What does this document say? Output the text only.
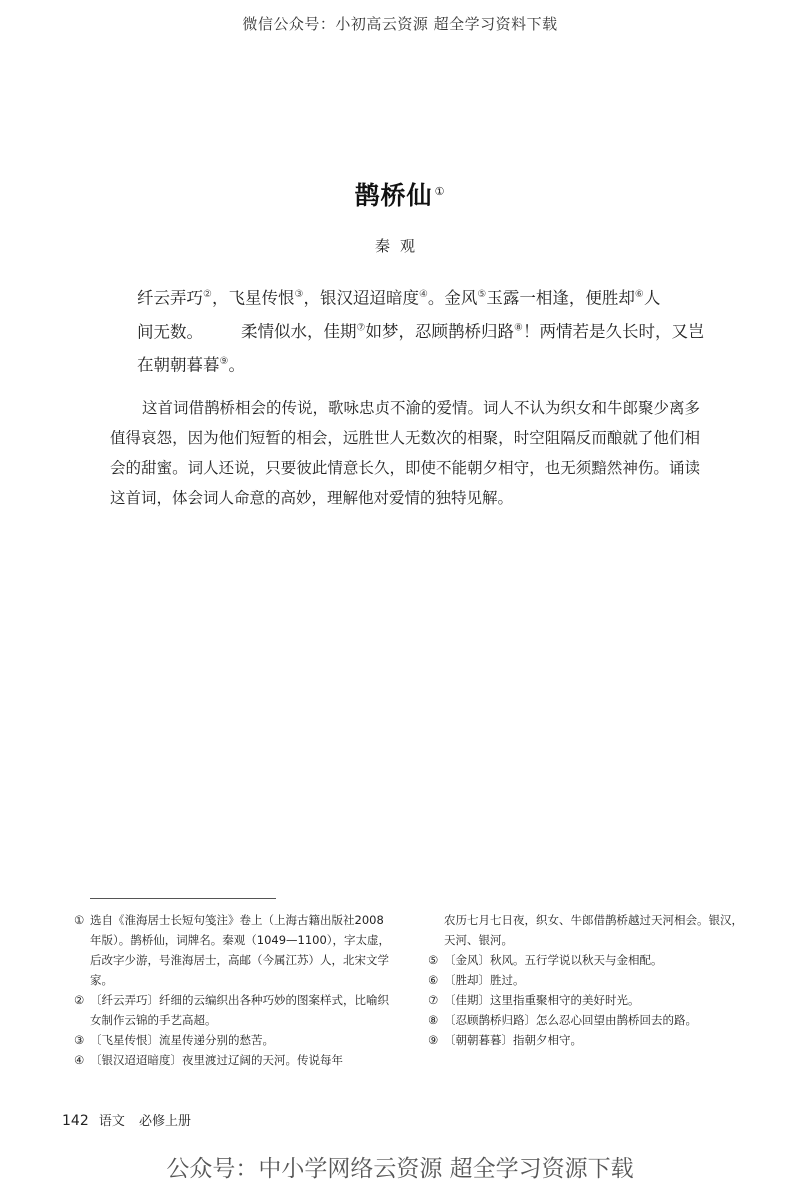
微信公众号：小初高云资源 超全学习资料下载
鹊桥仙 ①
秦观
纤云弄巧②，飞星传恨③，银汉迢迢暗度④。金风⑤玉露一相逢，便胜却⑥人
间无数。 柔情似水，佳期⑦如梦，忍顾鹊桥归路⑧！两情若是久长时，又岂
在朝朝暮暮⑨。

这首词借鹊桥相会的传说，歌咏忠贞不渝的爱情。词人不认为织女和牛郎聚少离多值得哀怨，因为他们短暂的相会，远胜世人无数次的相聚，时空阻隔反而酿就了他们相会的甜蜜。词人还说，只要彼此情意长久，即使不能朝夕相守，也无须黯然神伤。诵读这首词，体会词人命意的高妙，理解他对爱情的独特见解。

① 选自《淮海居士长短句笺注》卷上（上海古籍出版社2008年版）。鹊桥仙，词牌名。秦观（1049—1100），字太虚，后改字少游，号淮海居士，高邮（今属江苏）人，北宋文学家。
② 〔纤云弄巧〕纤细的云编织出各种巧妙的图案样式，比喻织女制作云锦的手艺高超。
③ 〔飞星传恨〕流星传递分别的愁苦。
④ 〔银汉迢迢暗度〕夜里渡过辽阔的天河。传说每年
农历七月七日夜，织女、牛郎借鹊桥越过天河相会。银汉，天河、银河。
⑤ 〔金风〕秋风。五行学说以秋天与金相配。
⑥ 〔胜却〕胜过。
⑦ 〔佳期〕这里指重聚相守的美好时光。
⑧ 〔忍顾鹊桥归路〕怎么忍心回望由鹊桥回去的路。
⑨ 〔朝朝暮暮〕指朝夕相守。
142 语文 必修上册
公众号：中小学网络云资源 超全学习资源下载
